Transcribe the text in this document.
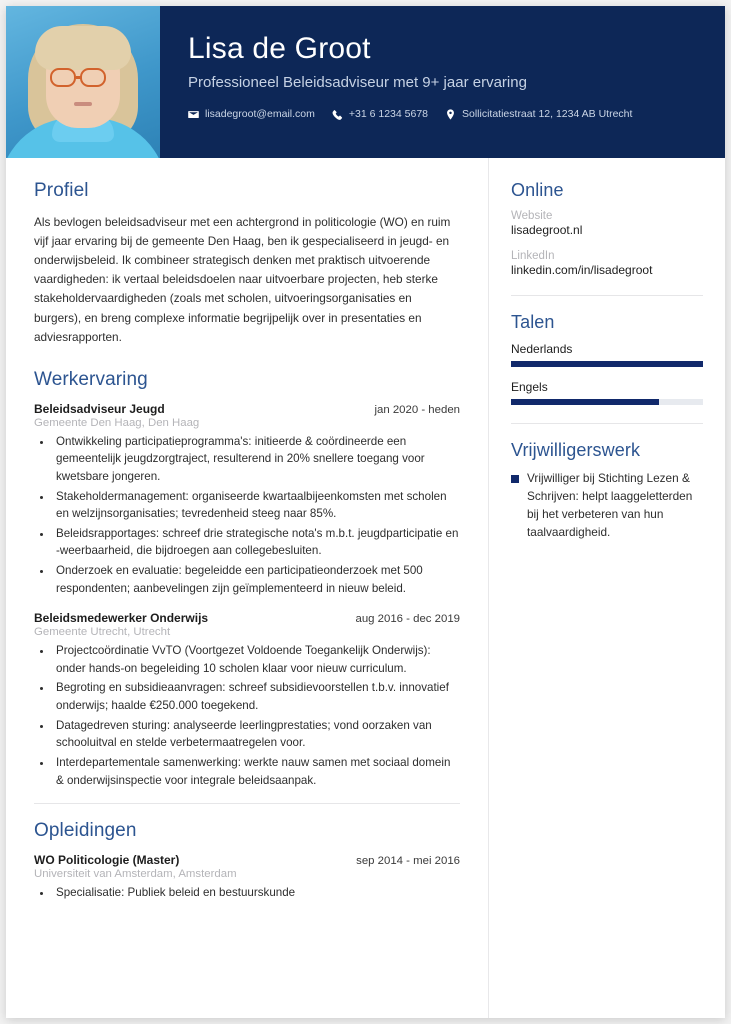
Lisa de Groot
Professioneel Beleidsadviseur met 9+ jaar ervaring
lisadegroot@email.com	+31 6 1234 5678	Sollicitatiestraat 12, 1234 AB Utrecht
Profiel
Als bevlogen beleidsadviseur met een achtergrond in politicologie (WO) en ruim vijf jaar ervaring bij de gemeente Den Haag, ben ik gespecialiseerd in jeugd- en onderwijsbeleid. Ik combineer strategisch denken met praktisch uitvoerende vaardigheden: ik vertaal beleidsdoelen naar uitvoerbare projecten, heb sterke stakeholdervaardigheden (zoals met scholen, uitvoeringsorganisaties en burgers), en breng complexe informatie begrijpelijk over in presentaties en adviesrapporten.
Werkervaring
Beleidsadviseur Jeugd	jan 2020 - heden
Gemeente Den Haag, Den Haag
• Ontwikkeling participatieprogramma's: initieerde & coördineerde een gemeentelijk jeugdzorgtraject, resulterend in 20% snellere toegang voor kwetsbare jongeren.
• Stakeholdermanagement: organiseerde kwartaalbijeenkomsten met scholen en welzijnsorganisaties; tevredenheid steeg naar 85%.
• Beleidsrapportages: schreef drie strategische nota's m.b.t. jeugdparticipatie en -weerbaarheid, die bijdroegen aan collegebesluiten.
• Onderzoek en evaluatie: begeleidde een participatieonderzoek met 500 respondenten; aanbevelingen zijn geïmplementeerd in nieuw beleid.
Beleidsmedewerker Onderwijs	aug 2016 - dec 2019
Gemeente Utrecht, Utrecht
• Projectcoördinatie VvTO (Voortgezet Voldoende Toegankelijk Onderwijs): onder hands-on begeleiding 10 scholen klaar voor nieuw curriculum.
• Begroting en subsidieaanvragen: schreef subsidievoorstellen t.b.v. innovatief onderwijs; haalde €250.000 toegekend.
• Datagedreven sturing: analyseerde leerlingprestaties; vond oorzaken van schooluitval en stelde verbetermaatregelen voor.
• Interdepartementale samenwerking: werkte nauw samen met sociaal domein & onderwijsinspectie voor integrale beleidsaanpak.
Opleidingen
WO Politicologie (Master)	sep 2014 - mei 2016
Universiteit van Amsterdam, Amsterdam
• Specialisatie: Publiek beleid en bestuurskunde
Online
Website
lisadegroot.nl
LinkedIn
linkedin.com/in/lisadegroot
Talen
Nederlands
Engels
Vrijwilligerswerk
Vrijwilliger bij Stichting Lezen & Schrijven: helpt laaggeletterden bij het verbeteren van hun taalvaardigheid.
